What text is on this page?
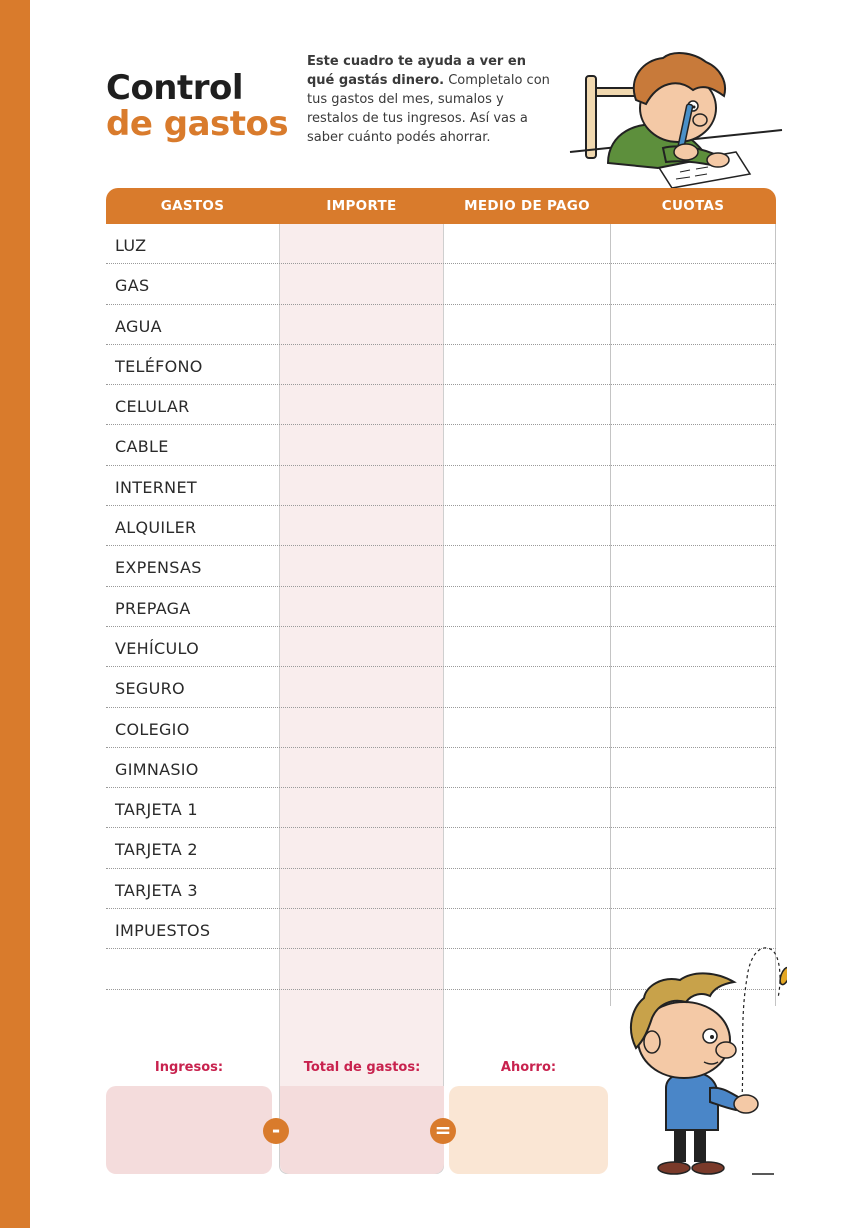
Control
de gastos
Este cuadro te ayuda a ver en qué gastás dinero. Completalo con tus gastos del mes, sumalos y restalos de tus ingresos. Así vas a saber cuánto podés ahorrar.
GASTOS	IMPORTE	MEDIO DE PAGO	CUOTAS
LUZ
GAS
AGUA
TELÉFONO
CELULAR
CABLE
INTERNET
ALQUILER
EXPENSAS
PREPAGA
VEHÍCULO
SEGURO
COLEGIO
GIMNASIO
TARJETA 1
TARJETA 2
TARJETA 3
IMPUESTOS
Ingresos:	Total de gastos:	Ahorro:
-	=
